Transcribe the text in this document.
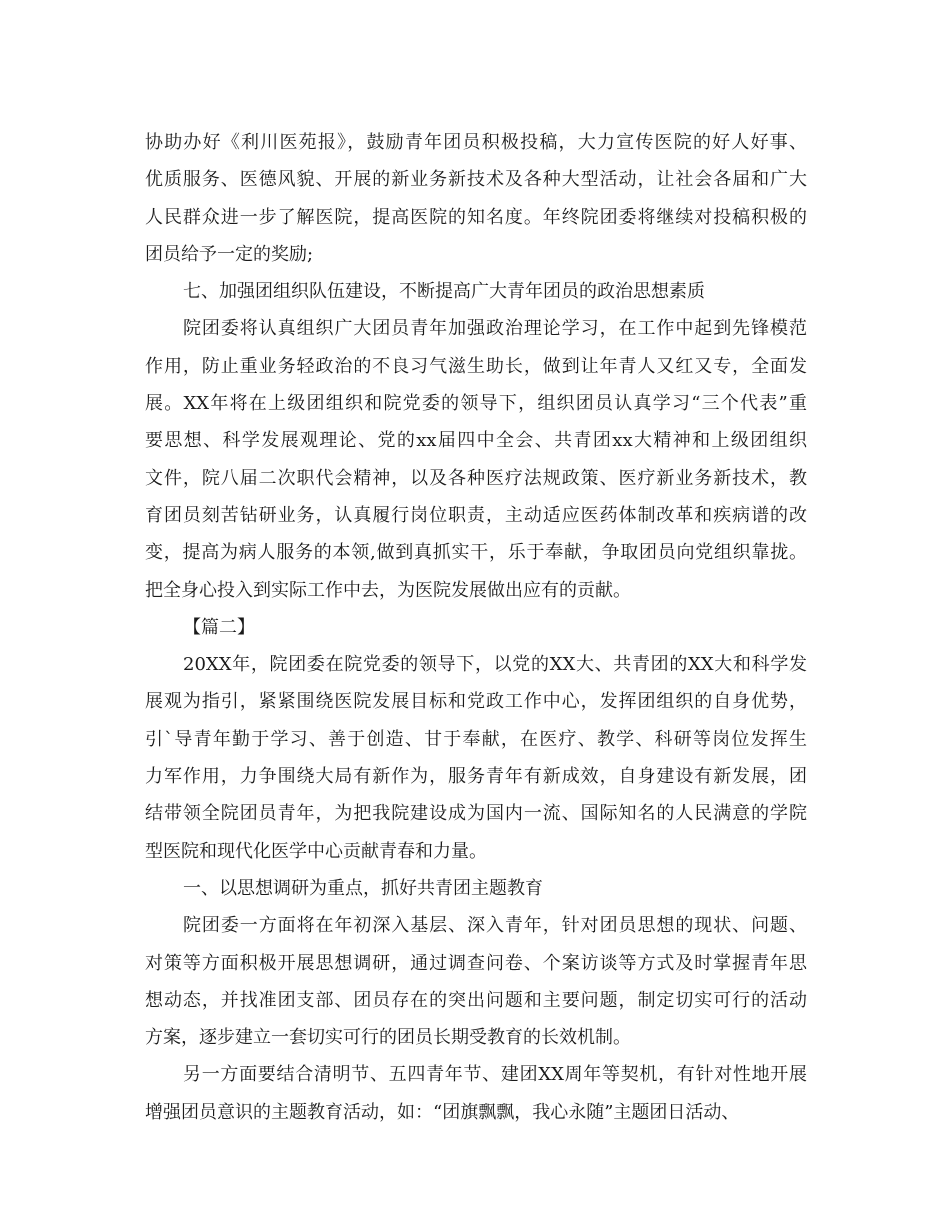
协助办好《利川医苑报》，鼓励青年团员积极投稿，大力宣传医院的好人好事、
优质服务、医德风貌、开展的新业务新技术及各种大型活动，让社会各届和广大
人民群众进一步了解医院，提高医院的知名度。年终院团委将继续对投稿积极的
团员给予一定的奖励;
七、加强团组织队伍建设，不断提高广大青年团员的政治思想素质
院团委将认真组织广大团员青年加强政治理论学习，在工作中起到先锋模范
作用，防止重业务轻政治的不良习气滋生助长，做到让年青人又红又专，全面发
展。XX年将在上级团组织和院党委的领导下，组织团员认真学习“三个代表”重
要思想、科学发展观理论、党的xx届四中全会、共青团xx大精神和上级团组织
文件，院八届二次职代会精神，以及各种医疗法规政策、医疗新业务新技术，教
育团员刻苦钻研业务，认真履行岗位职责，主动适应医药体制改革和疾病谱的改
变，提高为病人服务的本领,做到真抓实干，乐于奉献，争取团员向党组织靠拢。
把全身心投入到实际工作中去，为医院发展做出应有的贡献。
【篇二】
20XX年，院团委在院党委的领导下，以党的XX大、共青团的XX大和科学发
展观为指引，紧紧围绕医院发展目标和党政工作中心，发挥团组织的自身优势，
引`导青年勤于学习、善于创造、甘于奉献，在医疗、教学、科研等岗位发挥生
力军作用，力争围绕大局有新作为，服务青年有新成效，自身建设有新发展，团
结带领全院团员青年，为把我院建设成为国内一流、国际知名的人民满意的学院
型医院和现代化医学中心贡献青春和力量。
一、以思想调研为重点，抓好共青团主题教育
院团委一方面将在年初深入基层、深入青年，针对团员思想的现状、问题、
对策等方面积极开展思想调研，通过调查问卷、个案访谈等方式及时掌握青年思
想动态，并找准团支部、团员存在的突出问题和主要问题，制定切实可行的活动
方案，逐步建立一套切实可行的团员长期受教育的长效机制。
另一方面要结合清明节、五四青年节、建团XX周年等契机，有针对性地开展
增强团员意识的主题教育活动，如：“团旗飘飘，我心永随”主题团日活动、
